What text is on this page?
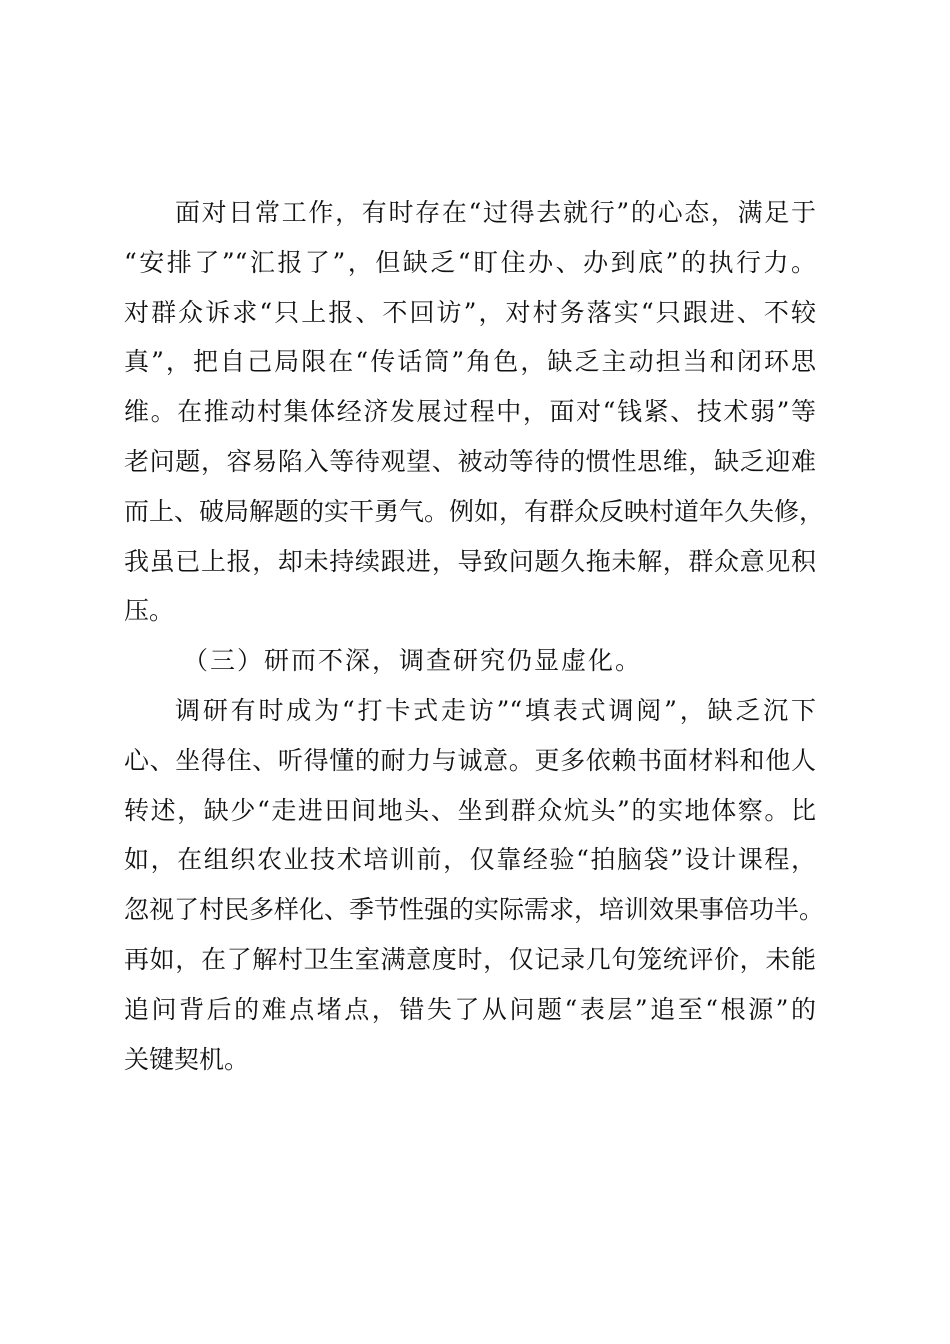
面对日常工作，有时存在“过得去就行”的心态，满足于
“安排了”“汇报了”，但缺乏“盯住办、办到底”的执行力。
对群众诉求“只上报、不回访”，对村务落实“只跟进、不较
真”，把自己局限在“传话筒”角色，缺乏主动担当和闭环思
维。在推动村集体经济发展过程中，面对“钱紧、技术弱”等
老问题，容易陷入等待观望、被动等待的惯性思维，缺乏迎难
而上、破局解题的实干勇气。例如，有群众反映村道年久失修，
我虽已上报，却未持续跟进，导致问题久拖未解，群众意见积
压。
（三）研而不深，调查研究仍显虚化。
调研有时成为“打卡式走访”“填表式调阅”，缺乏沉下
心、坐得住、听得懂的耐力与诚意。更多依赖书面材料和他人
转述，缺少“走进田间地头、坐到群众炕头”的实地体察。比
如，在组织农业技术培训前，仅靠经验“拍脑袋”设计课程，
忽视了村民多样化、季节性强的实际需求，培训效果事倍功半。
再如，在了解村卫生室满意度时，仅记录几句笼统评价，未能
追问背后的难点堵点，错失了从问题“表层”追至“根源”的
关键契机。
